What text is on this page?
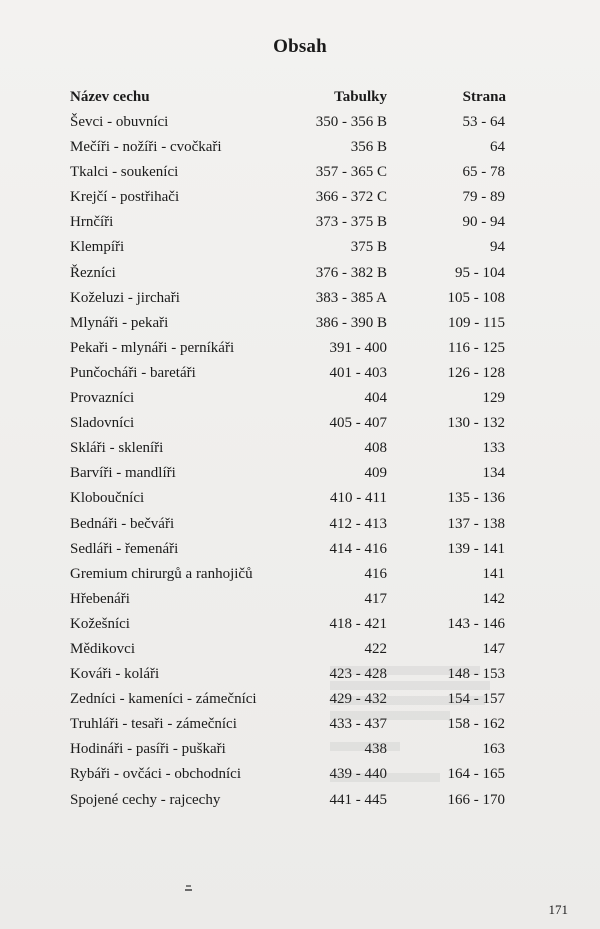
Obsah
Název cechu	Tabulky	Strana
Ševci - obuvníci	350 - 356 B	53 - 64
Mečíři - nožíři - cvočkaři	356 B	64
Tkalci - soukeníci	357 - 365 C	65 - 78
Krejčí - postřihači	366 - 372 C	79 - 89
Hrnčíři	373 - 375 B	90 - 94
Klempíři	375 B	94
Řezníci	376 - 382 B	95 - 104
Koželuzi - jirchaři	383 - 385 A	105 - 108
Mlynáři - pekaři	386 - 390 B	109 - 115
Pekaři - mlynáři - perníkáři	391 - 400	116 - 125
Punčocháři - baretáři	401 - 403	126 - 128
Provazníci	404	129
Sladovníci	405 - 407	130 - 132
Skláři - skleníři	408	133
Barvíři - mandlíři	409	134
Kloboučníci	410 - 411	135 - 136
Bednáři - bečváři	412 - 413	137 - 138
Sedláři - řemenáři	414 - 416	139 - 141
Gremium chirurgů a ranhojičů	416	141
Hřebenáři	417	142
Kožešníci	418 - 421	143 - 146
Mědikovci	422	147
Kováři - koláři	423 - 428	148 - 153
Zedníci - kameníci - zámečníci	429 - 432	154 - 157
Truhláři - tesaři - zámečníci	433 - 437	158 - 162
Hodináři - pasíři - puškaři	438	163
Rybáři - ovčáci - obchodníci	439 - 440	164 - 165
Spojené cechy - rajcechy	441 - 445	166 - 170

171
